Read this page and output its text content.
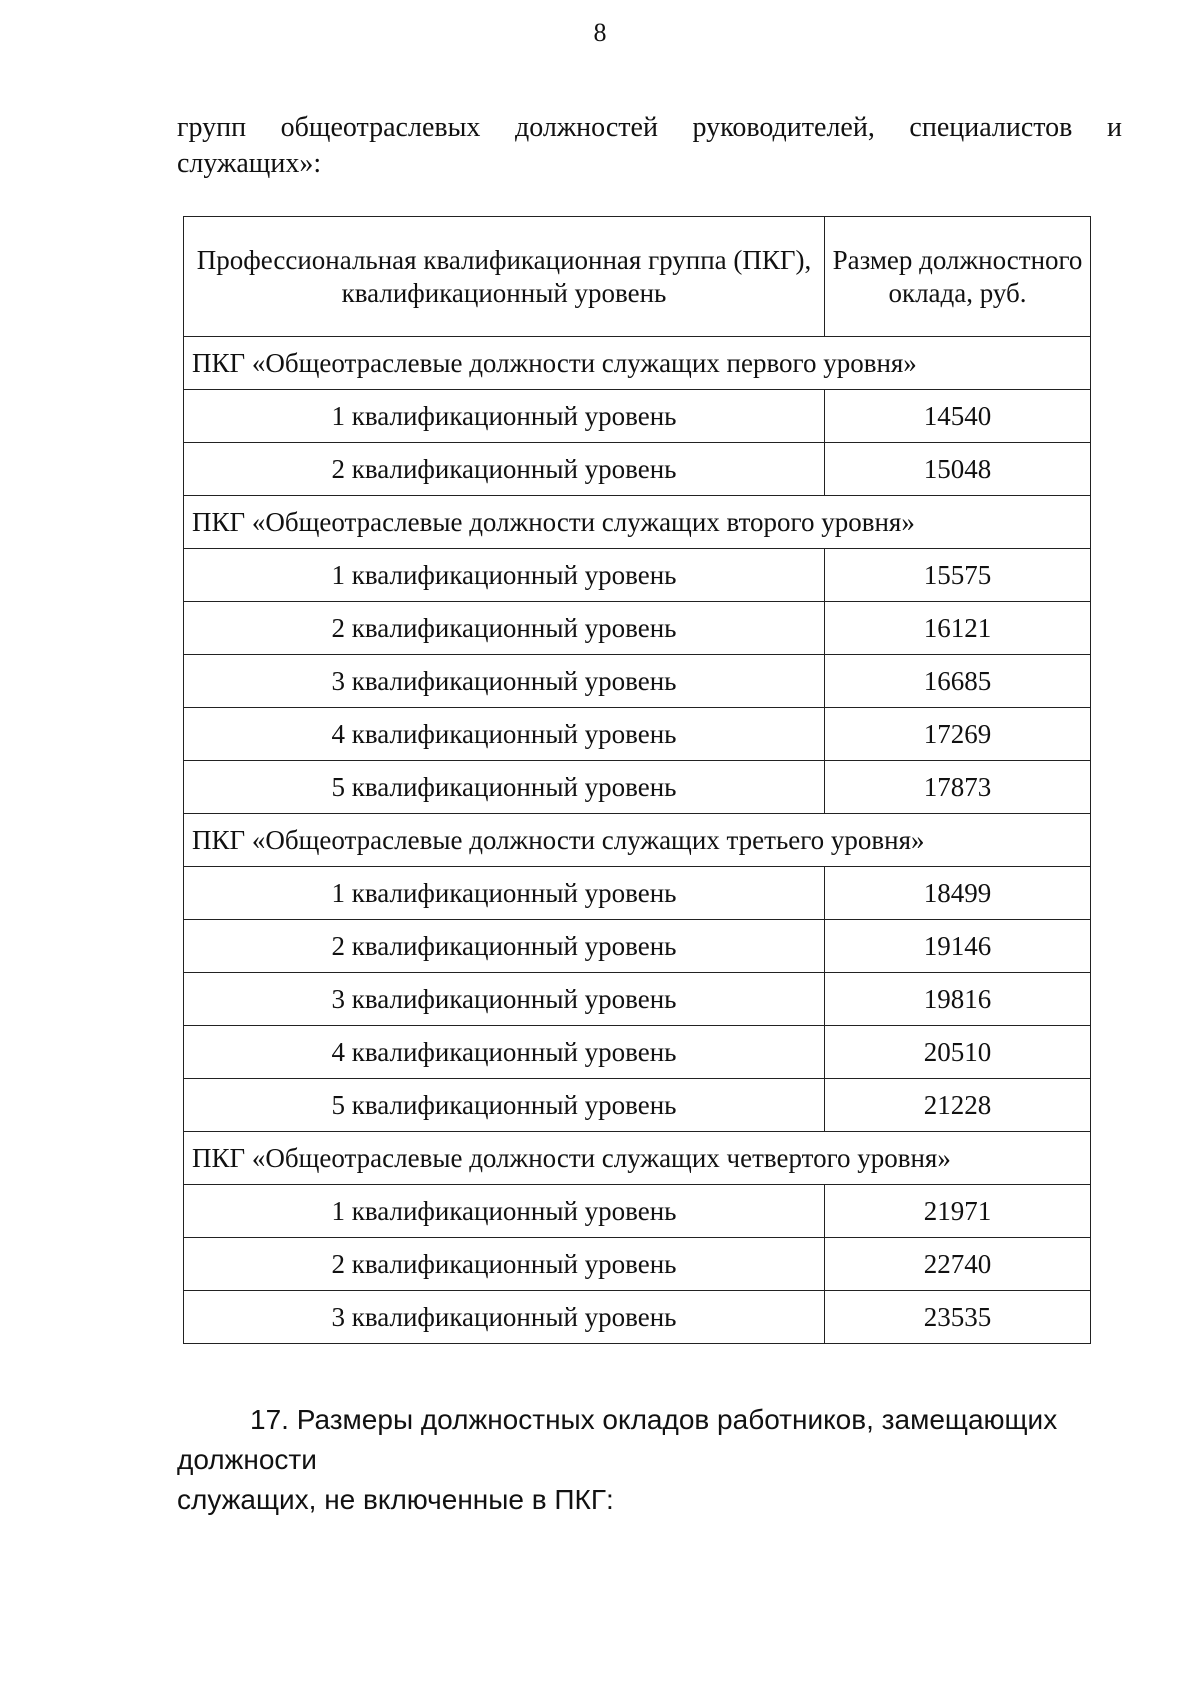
8
групп общеотраслевых должностей руководителей, специалистов и
служащих»:
Профессиональная квалификационная группа (ПКГ), квалификационный уровень	Размер должностного оклада, руб.
ПКГ «Общеотраслевые должности служащих первого уровня»	
1 квалификационный уровень	14540
2 квалификационный уровень	15048
ПКГ «Общеотраслевые должности служащих второго уровня»	
1 квалификационный уровень	15575
2 квалификационный уровень	16121
3 квалификационный уровень	16685
4 квалификационный уровень	17269
5 квалификационный уровень	17873
ПКГ «Общеотраслевые должности служащих третьего уровня»	
1 квалификационный уровень	18499
2 квалификационный уровень	19146
3 квалификационный уровень	19816
4 квалификационный уровень	20510
5 квалификационный уровень	21228
ПКГ «Общеотраслевые должности служащих четвертого уровня»	
1 квалификационный уровень	21971
2 квалификационный уровень	22740
3 квалификационный уровень	23535
17. Размеры должностных окладов работников, замещающих должности
служащих, не включенные в ПКГ:
